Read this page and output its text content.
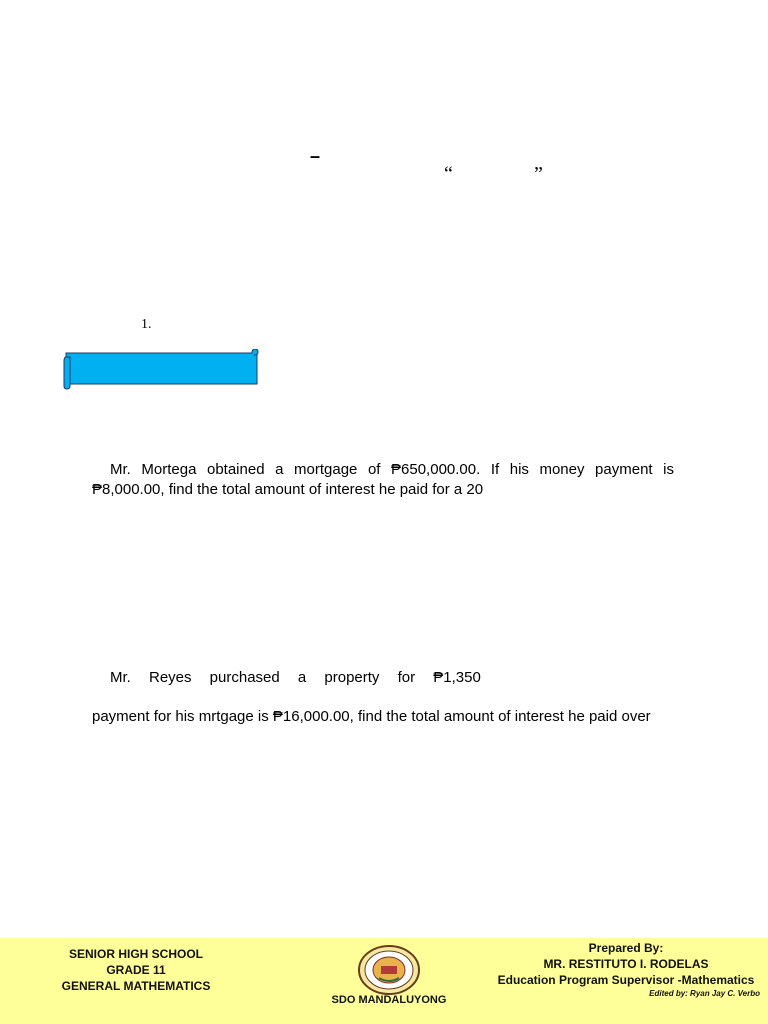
–
“	”
1.
Mr. Mortega obtained a mortgage of ₱650,000.00. If his money payment is ₱8,000.00, find the total amount of interest he paid for a 20
Mr. Reyes purchased a property for ₱1,350
payment for his mrtgage is ₱16,000.00, find the total amount of interest he paid over
SENIOR HIGH SCHOOL
GRADE 11
GENERAL MATHEMATICS
SDO MANDALUYONG
Prepared By:
MR. RESTITUTO I. RODELAS
Education Program Supervisor -Mathematics
Edited by: Ryan Jay C. Verbo
